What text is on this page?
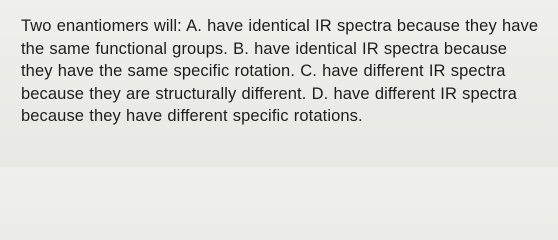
Two enantiomers will: A. have identical IR spectra because they have the same functional groups. B. have identical IR spectra because they have the same specific rotation. C. have different IR spectra because they are structurally different. D. have different IR spectra because they have different specific rotations.
